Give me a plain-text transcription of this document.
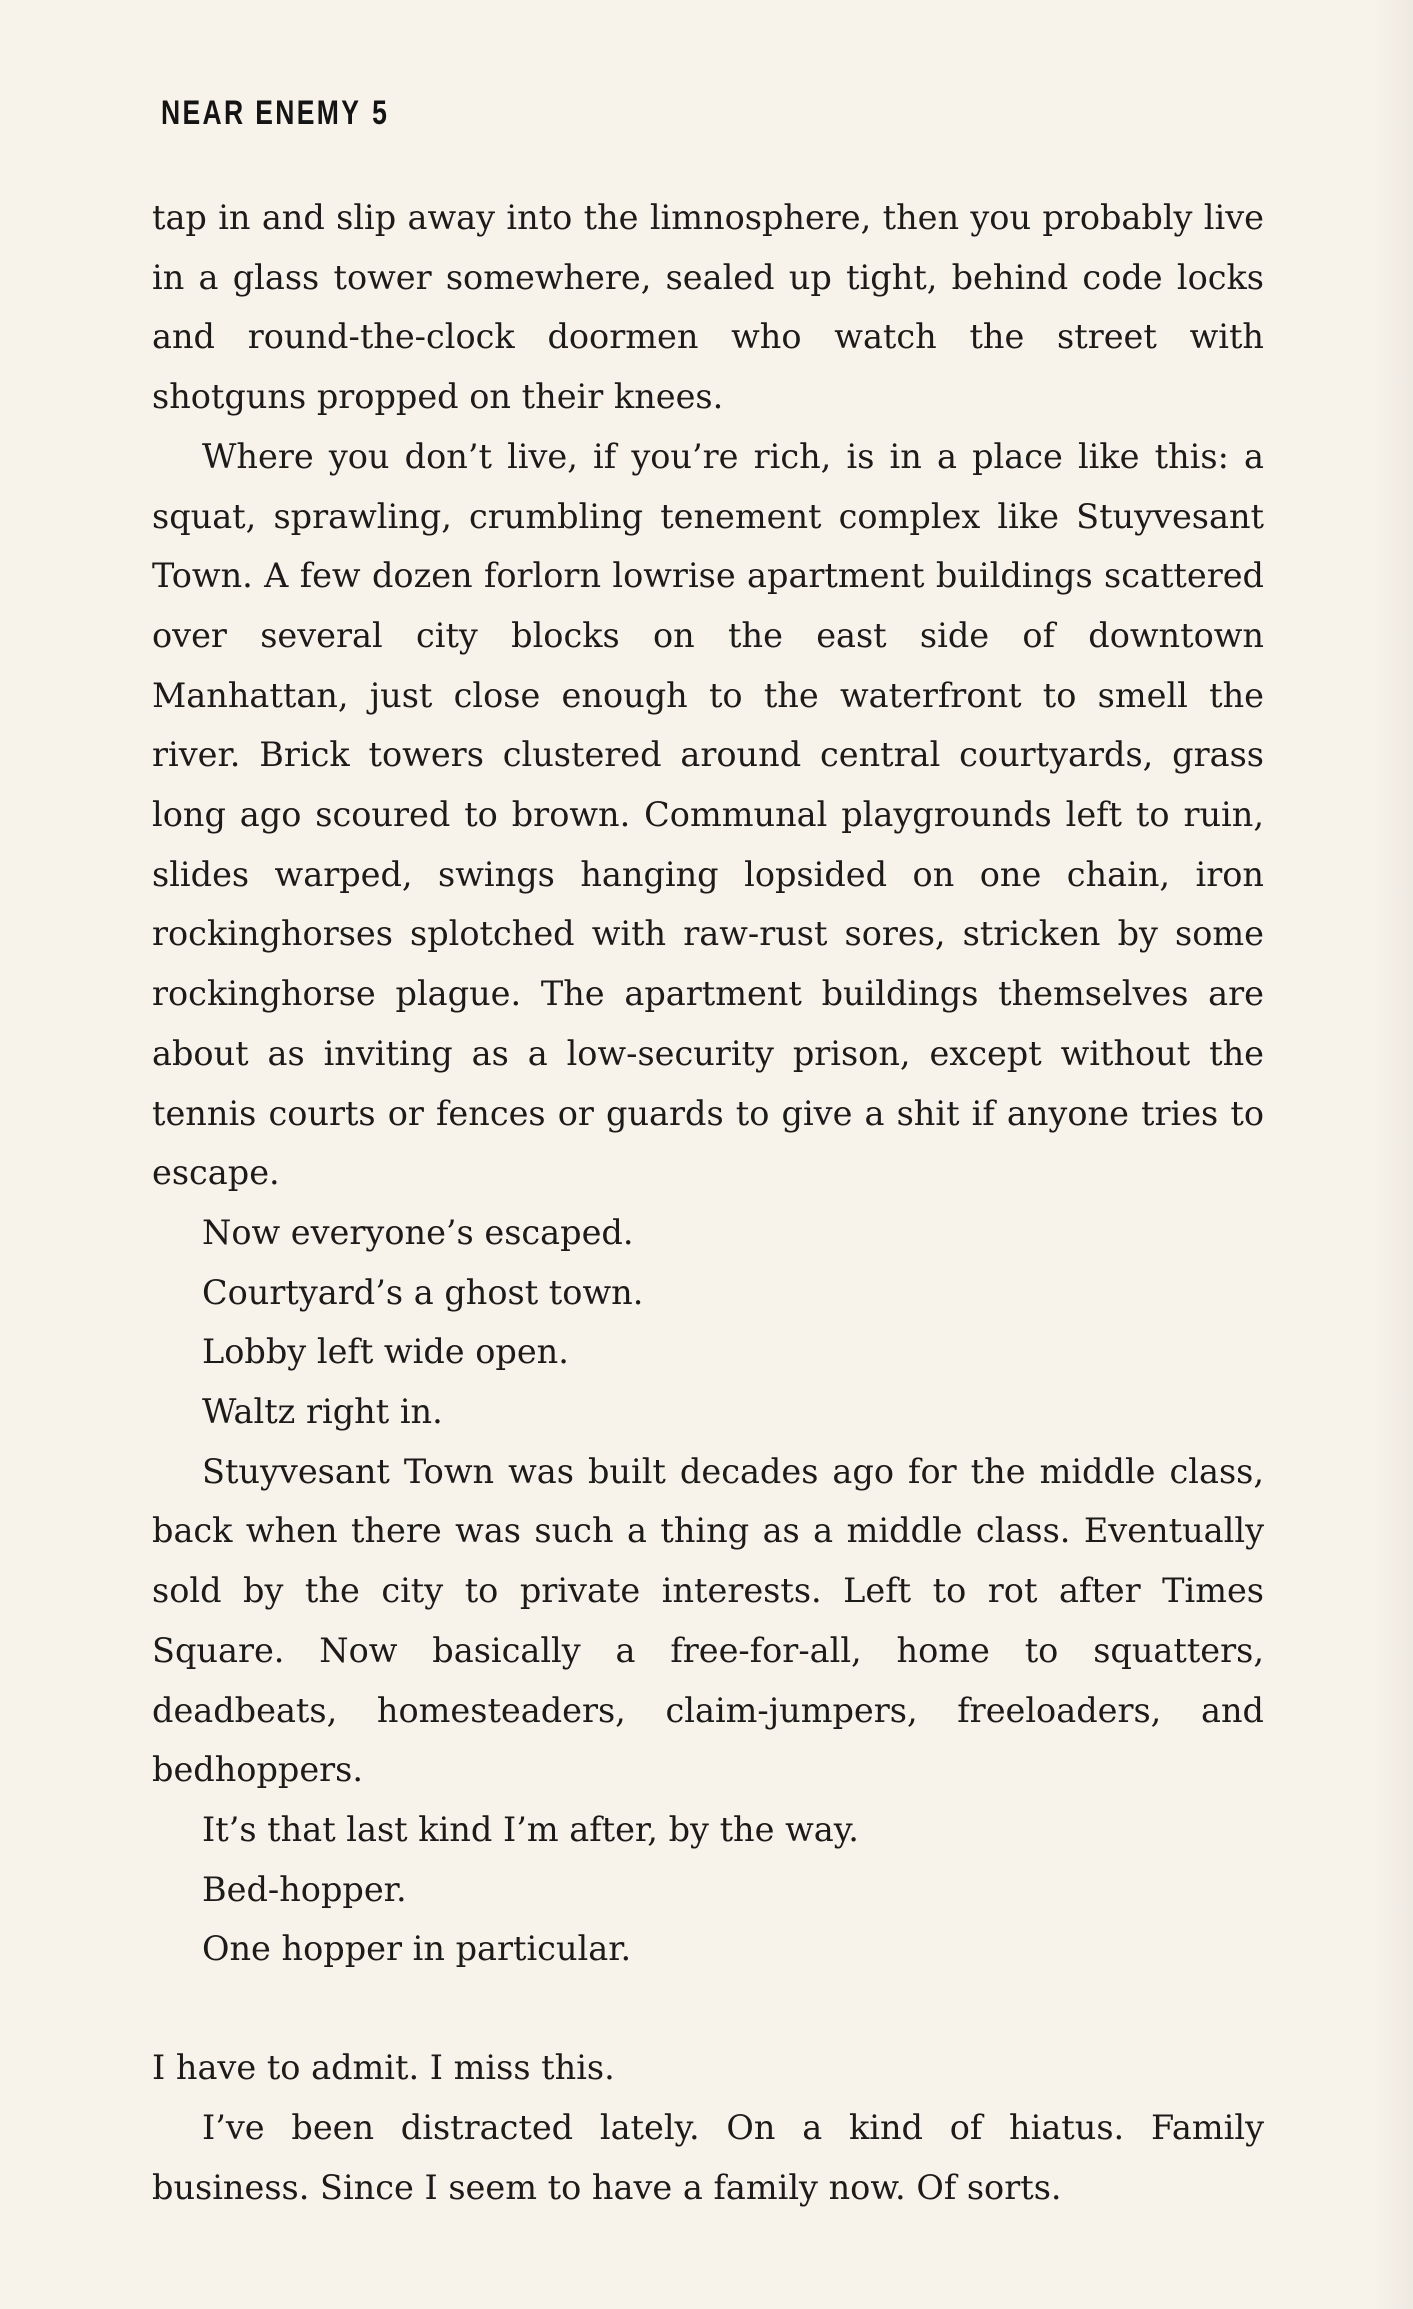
NEAR ENEMY 5

tap in and slip away into the limnosphere, then you probably live in a glass tower somewhere, sealed up tight, behind code locks and round-the-clock doormen who watch the street with shotguns propped on their knees.

Where you don’t live, if you’re rich, is in a place like this: a squat, sprawling, crumbling tenement complex like Stuyvesant Town. A few dozen forlorn lowrise apartment buildings scattered over several city blocks on the east side of downtown Manhattan, just close enough to the waterfront to smell the river. Brick towers clustered around central courtyards, grass long ago scoured to brown. Communal playgrounds left to ruin, slides warped, swings hanging lopsided on one chain, iron rockinghorses splotched with raw-rust sores, stricken by some rockinghorse plague. The apartment buildings themselves are about as inviting as a low-security prison, except without the tennis courts or fences or guards to give a shit if anyone tries to escape.

Now everyone’s escaped.

Courtyard’s a ghost town.

Lobby left wide open.

Waltz right in.

Stuyvesant Town was built decades ago for the middle class, back when there was such a thing as a middle class. Eventually sold by the city to private interests. Left to rot after Times Square. Now basically a free-for-all, home to squatters, deadbeats, homesteaders, claim-jumpers, freeloaders, and bedhoppers.

It’s that last kind I’m after, by the way.

Bed-hopper.

One hopper in particular.

I have to admit. I miss this.

I’ve been distracted lately. On a kind of hiatus. Family business. Since I seem to have a family now. Of sorts.
